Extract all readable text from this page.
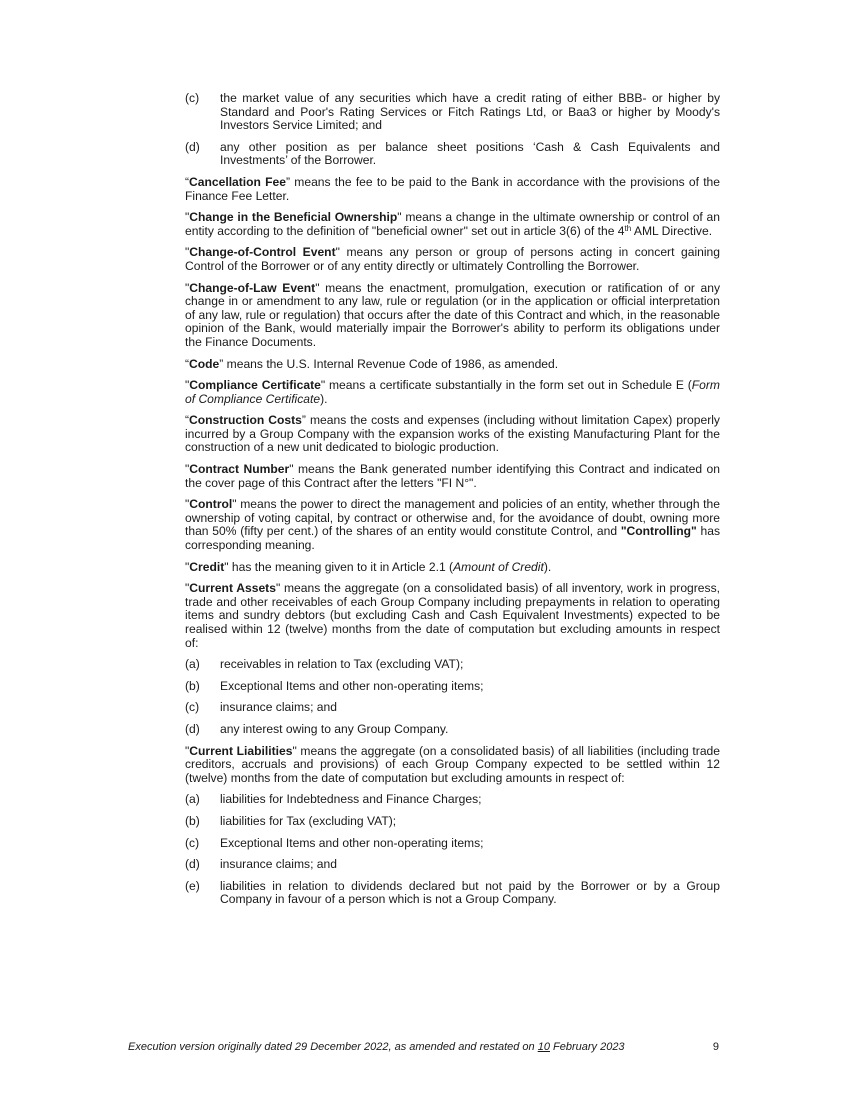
(c)	the market value of any securities which have a credit rating of either BBB- or higher by Standard and Poor's Rating Services or Fitch Ratings Ltd, or Baa3 or higher by Moody's Investors Service Limited; and
(d)	any other position as per balance sheet positions ‘Cash & Cash Equivalents and Investments’ of the Borrower.

“Cancellation Fee” means the fee to be paid to the Bank in accordance with the provisions of the Finance Fee Letter.

"Change in the Beneficial Ownership" means a change in the ultimate ownership or control of an entity according to the definition of "beneficial owner" set out in article 3(6) of the 4th AML Directive.

"Change-of-Control Event" means any person or group of persons acting in concert gaining Control of the Borrower or of any entity directly or ultimately Controlling the Borrower.

"Change-of-Law Event" means the enactment, promulgation, execution or ratification of or any change in or amendment to any law, rule or regulation (or in the application or official interpretation of any law, rule or regulation) that occurs after the date of this Contract and which, in the reasonable opinion of the Bank, would materially impair the Borrower's ability to perform its obligations under the Finance Documents.

“Code” means the U.S. Internal Revenue Code of 1986, as amended.

"Compliance Certificate" means a certificate substantially in the form set out in Schedule E (Form of Compliance Certificate).

“Construction Costs” means the costs and expenses (including without limitation Capex) properly incurred by a Group Company with the expansion works of the existing Manufacturing Plant for the construction of a new unit dedicated to biologic production.

"Contract Number" means the Bank generated number identifying this Contract and indicated on the cover page of this Contract after the letters "FI N°".

"Control" means the power to direct the management and policies of an entity, whether through the ownership of voting capital, by contract or otherwise and, for the avoidance of doubt, owning more than 50% (fifty per cent.) of the shares of an entity would constitute Control, and "Controlling" has corresponding meaning.

"Credit" has the meaning given to it in Article 2.1 (Amount of Credit).

"Current Assets" means the aggregate (on a consolidated basis) of all inventory, work in progress, trade and other receivables of each Group Company including prepayments in relation to operating items and sundry debtors (but excluding Cash and Cash Equivalent Investments) expected to be realised within 12 (twelve) months from the date of computation but excluding amounts in respect of:

(a)	receivables in relation to Tax (excluding VAT);
(b)	Exceptional Items and other non-operating items;
(c)	insurance claims; and
(d)	any interest owing to any Group Company.

"Current Liabilities" means the aggregate (on a consolidated basis) of all liabilities (including trade creditors, accruals and provisions) of each Group Company expected to be settled within 12 (twelve) months from the date of computation but excluding amounts in respect of:

(a)	liabilities for Indebtedness and Finance Charges;
(b)	liabilities for Tax (excluding VAT);
(c)	Exceptional Items and other non-operating items;
(d)	insurance claims; and
(e)	liabilities in relation to dividends declared but not paid by the Borrower or by a Group Company in favour of a person which is not a Group Company.
Execution version originally dated 29 December 2022, as amended and restated on 10 February 2023	9
